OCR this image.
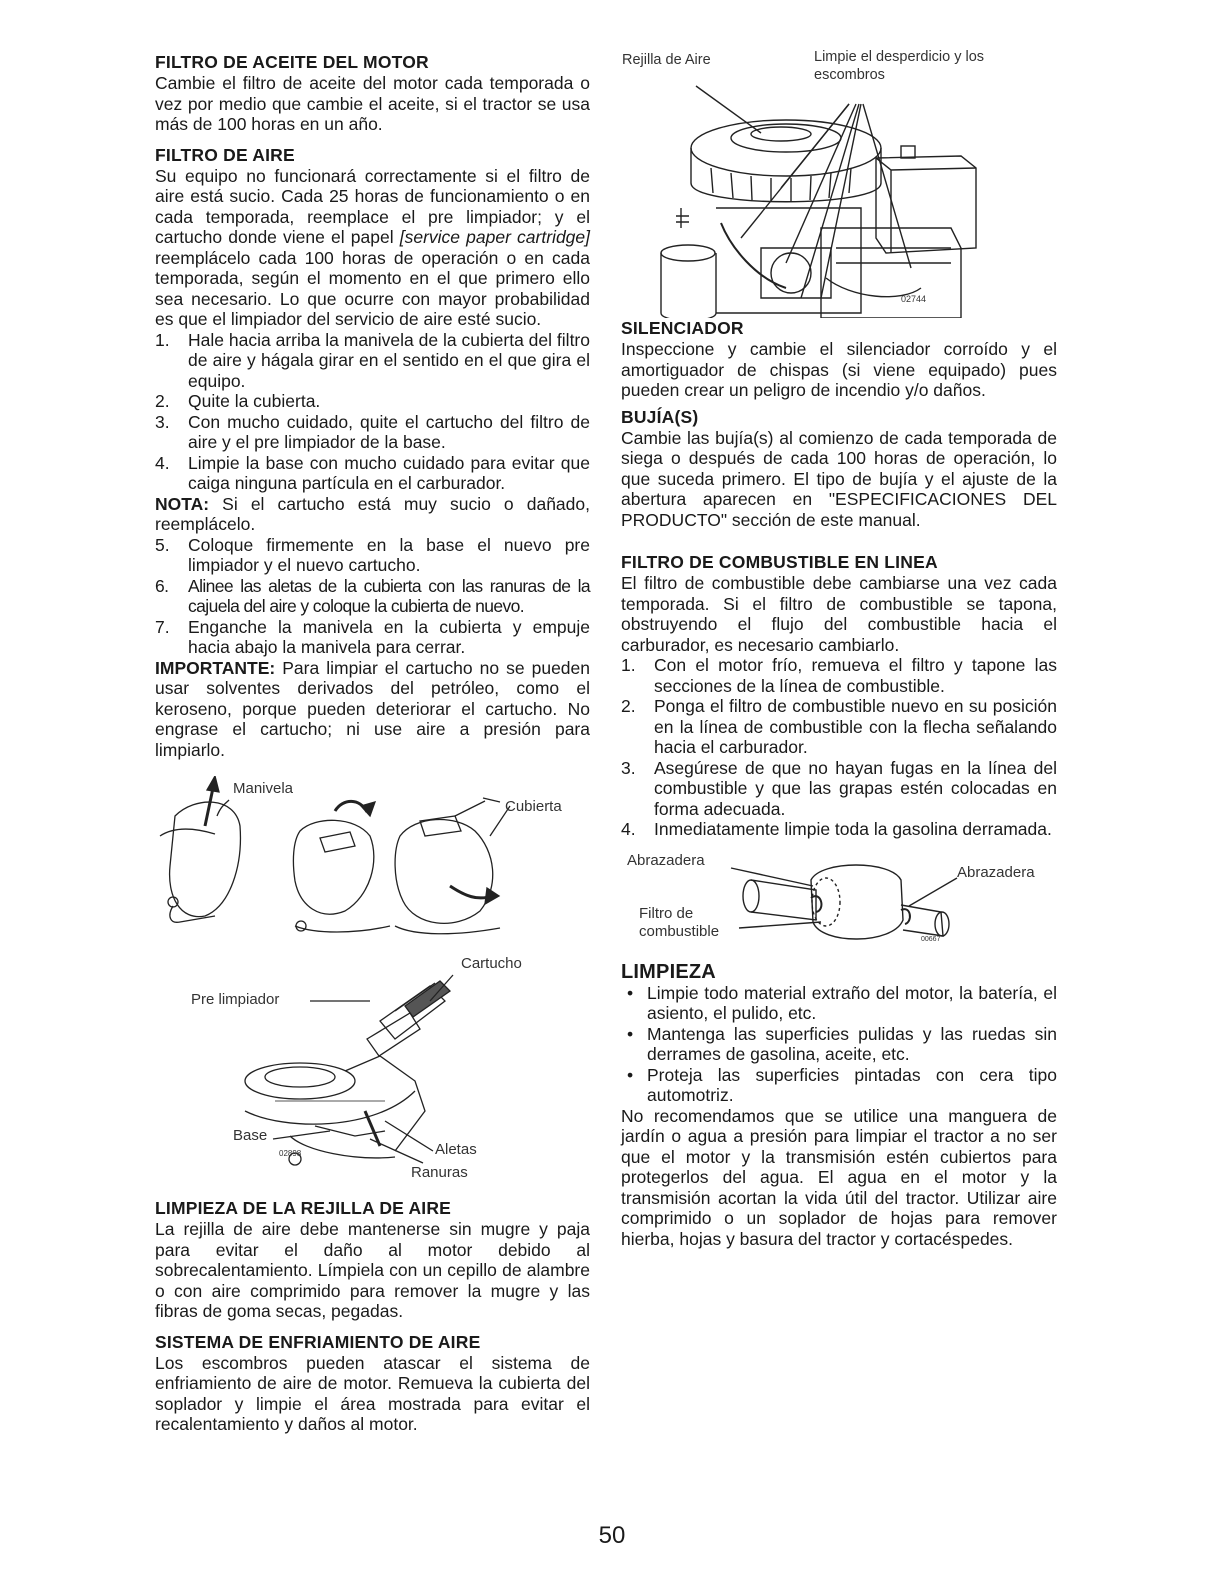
FILTRO DE ACEITE DEL MOTOR

Cambie el filtro de aceite del motor cada temporada o vez por medio que cambie el aceite, si el tractor se usa más de 100 horas en un año.

FILTRO DE AIRE

Su equipo no funcionará correctamente si el filtro de aire está sucio. Cada 25 horas de funcionamiento o en cada temporada, reemplace el pre limpiador; y el cartucho donde viene el papel [service paper cartridge] reemplácelo cada 100 horas de operación o en cada temporada, según el momento en el que primero ello sea necesario. Lo que ocurre con mayor probabilidad es que el limpiador del servicio de aire esté sucio.

1. Hale hacia arriba la manivela de la cubierta del filtro de aire y hágala girar en el sentido en el que gira el equipo.
2. Quite la cubierta.
3. Con mucho cuidado, quite el cartucho del filtro de aire y el pre limpiador de la base.
4. Limpie la base con mucho cuidado para evitar que caiga ninguna partícula en el carburador.

NOTA: Si el cartucho está muy sucio o dañado, reemplácelo.

5. Coloque firmemente en la base el nuevo pre limpiador y el nuevo cartucho.
6. Alinee las aletas de la cubierta con las ranuras de la cajuela del aire y coloque la cubierta de nuevo.
7. Enganche la manivela en la cubierta y empuje hacia abajo la manivela para cerrar.

IMPORTANTE: Para limpiar el cartucho no se pueden usar solventes derivados del petróleo, como el keroseno, porque pueden deteriorar el cartucho. No engrase el cartucho; ni use aire a presión para limpiarlo.

Manivela
Cubierta
Cartucho
Pre limpiador
Base
Aletas
Ranuras
02898

LIMPIEZA DE LA REJILLA DE AIRE

La rejilla de aire debe mantenerse sin mugre y paja para evitar el daño al motor debido al sobrecalentamiento. Límpiela con un cepillo de alambre o con aire comprimido para remover la mugre y las fibras de goma secas, pegadas.

SISTEMA DE ENFRIAMIENTO DE AIRE

Los escombros pueden atascar el sistema de enfriamiento de aire de motor. Remueva la cubierta del soplador y limpie el área mostrada para evitar el recalentamiento y daños al motor.

Rejilla de Aire	Limpie el desperdicio y los escombros
02744

SILENCIADOR

Inspeccione y cambie el silenciador corroído y el amortiguador de chispas (si viene equipado) pues pueden crear un peligro de incendio y/o daños.

BUJÍA(S)

Cambie las bujía(s) al comienzo de cada temporada de siega o después de cada 100 horas de operación, lo que suceda primero. El tipo de bujía y el ajuste de la abertura aparecen en "ESPECIFICACIONES DEL PRODUCTO" sección de este manual.

FILTRO DE COMBUSTIBLE EN LINEA

El filtro de combustible debe cambiarse una vez cada temporada. Si el filtro de combustible se tapona, obstruyendo el flujo del combustible hacia el carburador, es necesario cambiarlo.

1. Con el motor frío, remueva el filtro y tapone las secciones de la línea de combustible.
2. Ponga el filtro de combustible nuevo en su posición en la línea de combustible con la flecha señalando hacia el carburador.
3. Asegúrese de que no hayan fugas en la línea del combustible y que las grapas estén colocadas en forma adecuada.
4. Inmediatamente limpie toda la gasolina derramada.
Abrazadera
Abrazadera
Filtro de
combustible	00667

LIMPIEZA

• Limpie todo material extraño del motor, la batería, el asiento, el pulido, etc.
• Mantenga las superficies pulidas y las ruedas sin derrames de gasolina, aceite, etc.
• Proteja las superficies pintadas con cera tipo automotriz.

No recomendamos que se utilice una manguera de jardín o agua a presión para limpiar el tractor a no ser que el motor y la transmisión estén cubiertos para protegerlos del agua. El agua en el motor y la transmisión acortan la vida útil del tractor. Utilizar aire comprimido o un soplador de hojas para remover hierba, hojas y basura del tractor y cortacéspedes.

50
